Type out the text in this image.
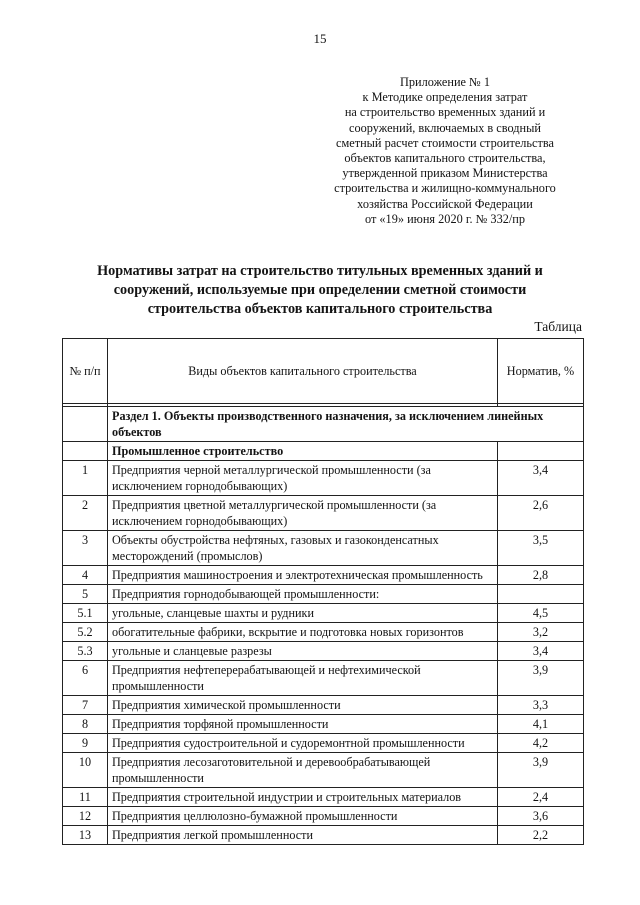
15
Приложение № 1
к Методике определения затрат
на строительство временных зданий и
сооружений, включаемых в сводный
сметный расчет стоимости строительства
объектов капитального строительства,
утвержденной приказом Министерства
строительства и жилищно-коммунального
хозяйства Российской Федерации
от «19» июня 2020 г. № 332/пр
Нормативы затрат на строительство титульных временных зданий и
сооружений, используемые при определении сметной стоимости
строительства объектов капитального строительства
Таблица
№ п/п	Виды объектов капитального строительства	Норматив, %

	Раздел 1. Объекты производственного назначения, за исключением линейных объектов	
	Промышленное строительство	
1	Предприятия черной металлургической промышленности (за исключением горнодобывающих)	3,4
2	Предприятия цветной металлургической промышленности (за исключением горнодобывающих)	2,6
3	Объекты обустройства нефтяных, газовых и газоконденсатных месторождений (промыслов)	3,5
4	Предприятия машиностроения и электротехническая промышленность	2,8
5	Предприятия горнодобывающей промышленности:	
5.1	угольные, сланцевые шахты и рудники	4,5
5.2	обогатительные фабрики, вскрытие и подготовка новых горизонтов	3,2
5.3	угольные и сланцевые разрезы	3,4
6	Предприятия нефтеперерабатывающей и нефтехимической промышленности	3,9
7	Предприятия химической промышленности	3,3
8	Предприятия торфяной промышленности	4,1
9	Предприятия судостроительной и судоремонтной промышленности	4,2
10	Предприятия лесозаготовительной и деревообрабатывающей промышленности	3,9
11	Предприятия строительной индустрии и строительных материалов	2,4
12	Предприятия целлюлозно-бумажной промышленности	3,6
13	Предприятия легкой промышленности	2,2
